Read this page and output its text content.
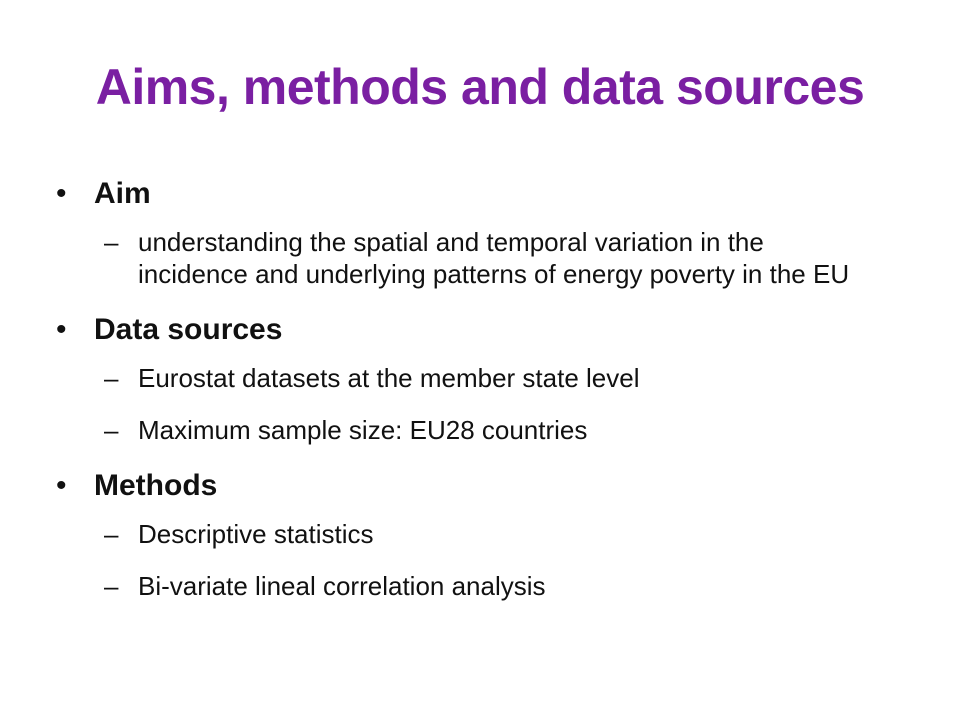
Aims, methods and data sources
• Aim
– understanding the spatial and temporal variation in the incidence and underlying patterns of energy poverty in the EU
• Data sources
– Eurostat datasets at the member state level
– Maximum sample size: EU28 countries
• Methods
– Descriptive statistics
– Bi-variate lineal correlation analysis
